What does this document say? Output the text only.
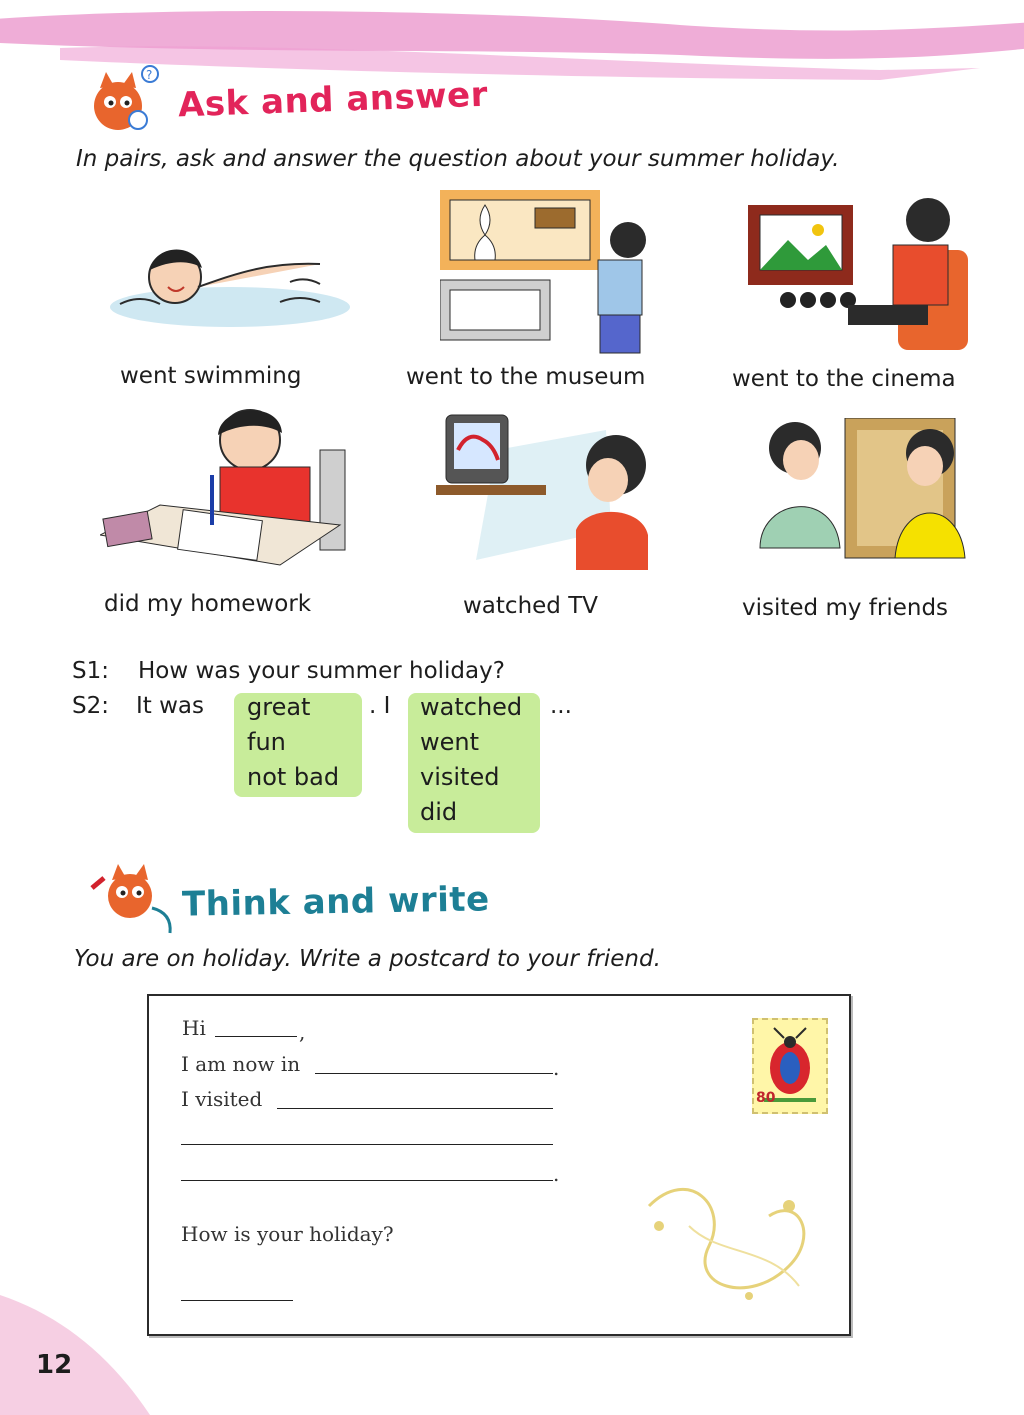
? Ask and answer
In pairs, ask and answer the question about your summer holiday.
went swimming	went to the museum	went to the cinema
did my homework	watched TV	visited my friends
S1: How was your summer holiday?
S2: It was great
fun
not bad
. I watched
went
visited
did
...
Think and write
You are on holiday. Write a postcard to your friend.
Hi	,
I am now in	.
I visited
.
How is your holiday?
80
12
